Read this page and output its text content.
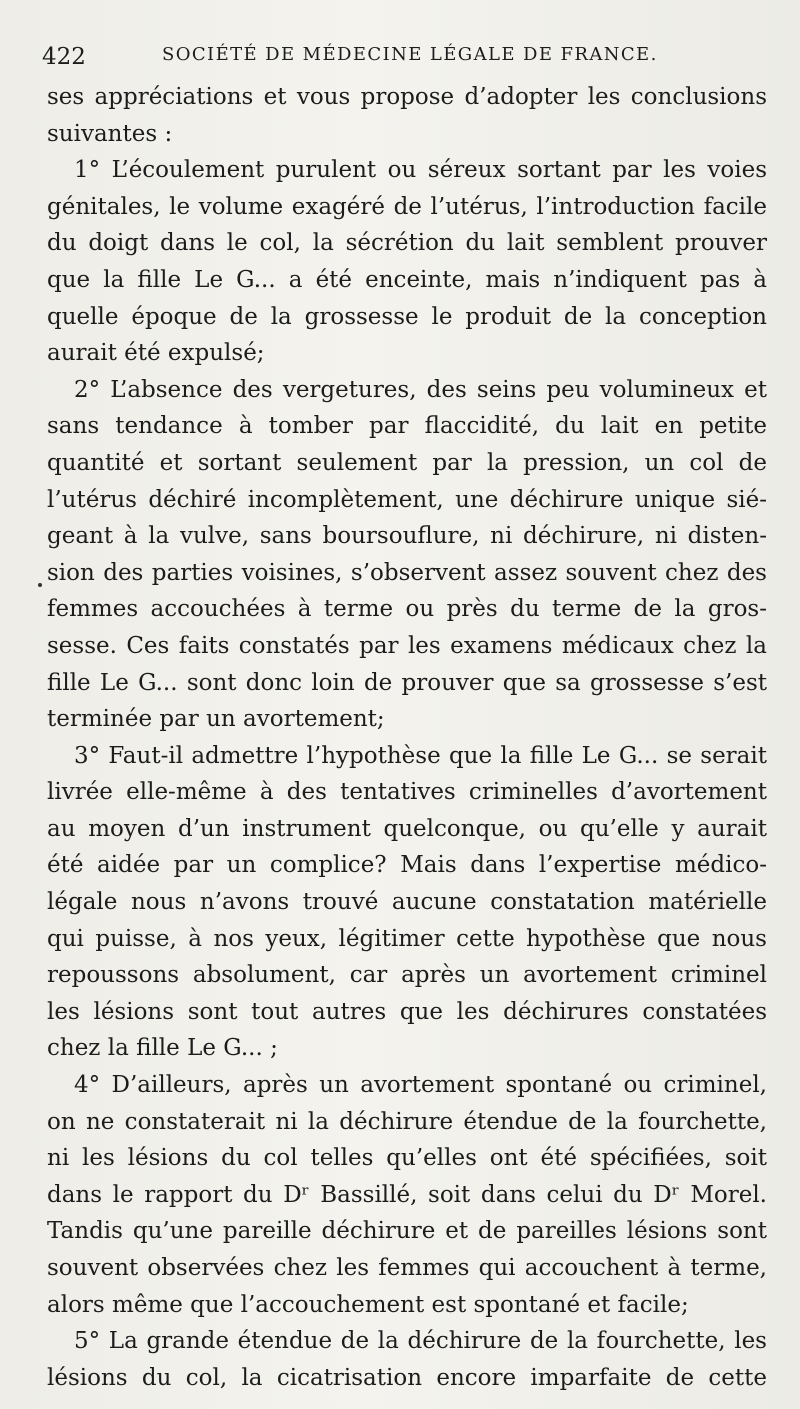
422	SOCIÉTÉ DE MÉDECINE LÉGALE DE FRANCE.
ses appréciations et vous propose d’adopter les conclusions
suivantes :
1° L’écoulement purulent ou séreux sortant par les voies
génitales, le volume exagéré de l’utérus, l’introduction facile
du doigt dans le col, la sécrétion du lait semblent prouver
que la fille Le G... a été enceinte, mais n’indiquent pas à
quelle époque de la grossesse le produit de la conception
aurait été expulsé;
2° L’absence des vergetures, des seins peu volumineux et
sans tendance à tomber par flaccidité, du lait en petite
quantité et sortant seulement par la pression, un col de
l’utérus déchiré incomplètement, une déchirure unique sié-
geant à la vulve, sans boursouflure, ni déchirure, ni disten-
sion des parties voisines, s’observent assez souvent chez des
femmes accouchées à terme ou près du terme de la gros-
sesse. Ces faits constatés par les examens médicaux chez la
fille Le G... sont donc loin de prouver que sa grossesse s’est
terminée par un avortement;
3° Faut-il admettre l’hypothèse que la fille Le G... se serait
livrée elle-même à des tentatives criminelles d’avortement
au moyen d’un instrument quelconque, ou qu’elle y aurait
été aidée par un complice? Mais dans l’expertise médico-
légale nous n’avons trouvé aucune constatation matérielle
qui puisse, à nos yeux, légitimer cette hypothèse que nous
repoussons absolument, car après un avortement criminel
les lésions sont tout autres que les déchirures constatées
chez la fille Le G... ;
4° D’ailleurs, après un avortement spontané ou criminel,
on ne constaterait ni la déchirure étendue de la fourchette,
ni les lésions du col telles qu’elles ont été spécifiées, soit
dans le rapport du Dʳ Bassillé, soit dans celui du Dʳ Morel.
Tandis qu’une pareille déchirure et de pareilles lésions sont
souvent observées chez les femmes qui accouchent à terme,
alors même que l’accouchement est spontané et facile;
5° La grande étendue de la déchirure de la fourchette, les
lésions du col, la cicatrisation encore imparfaite de cette
